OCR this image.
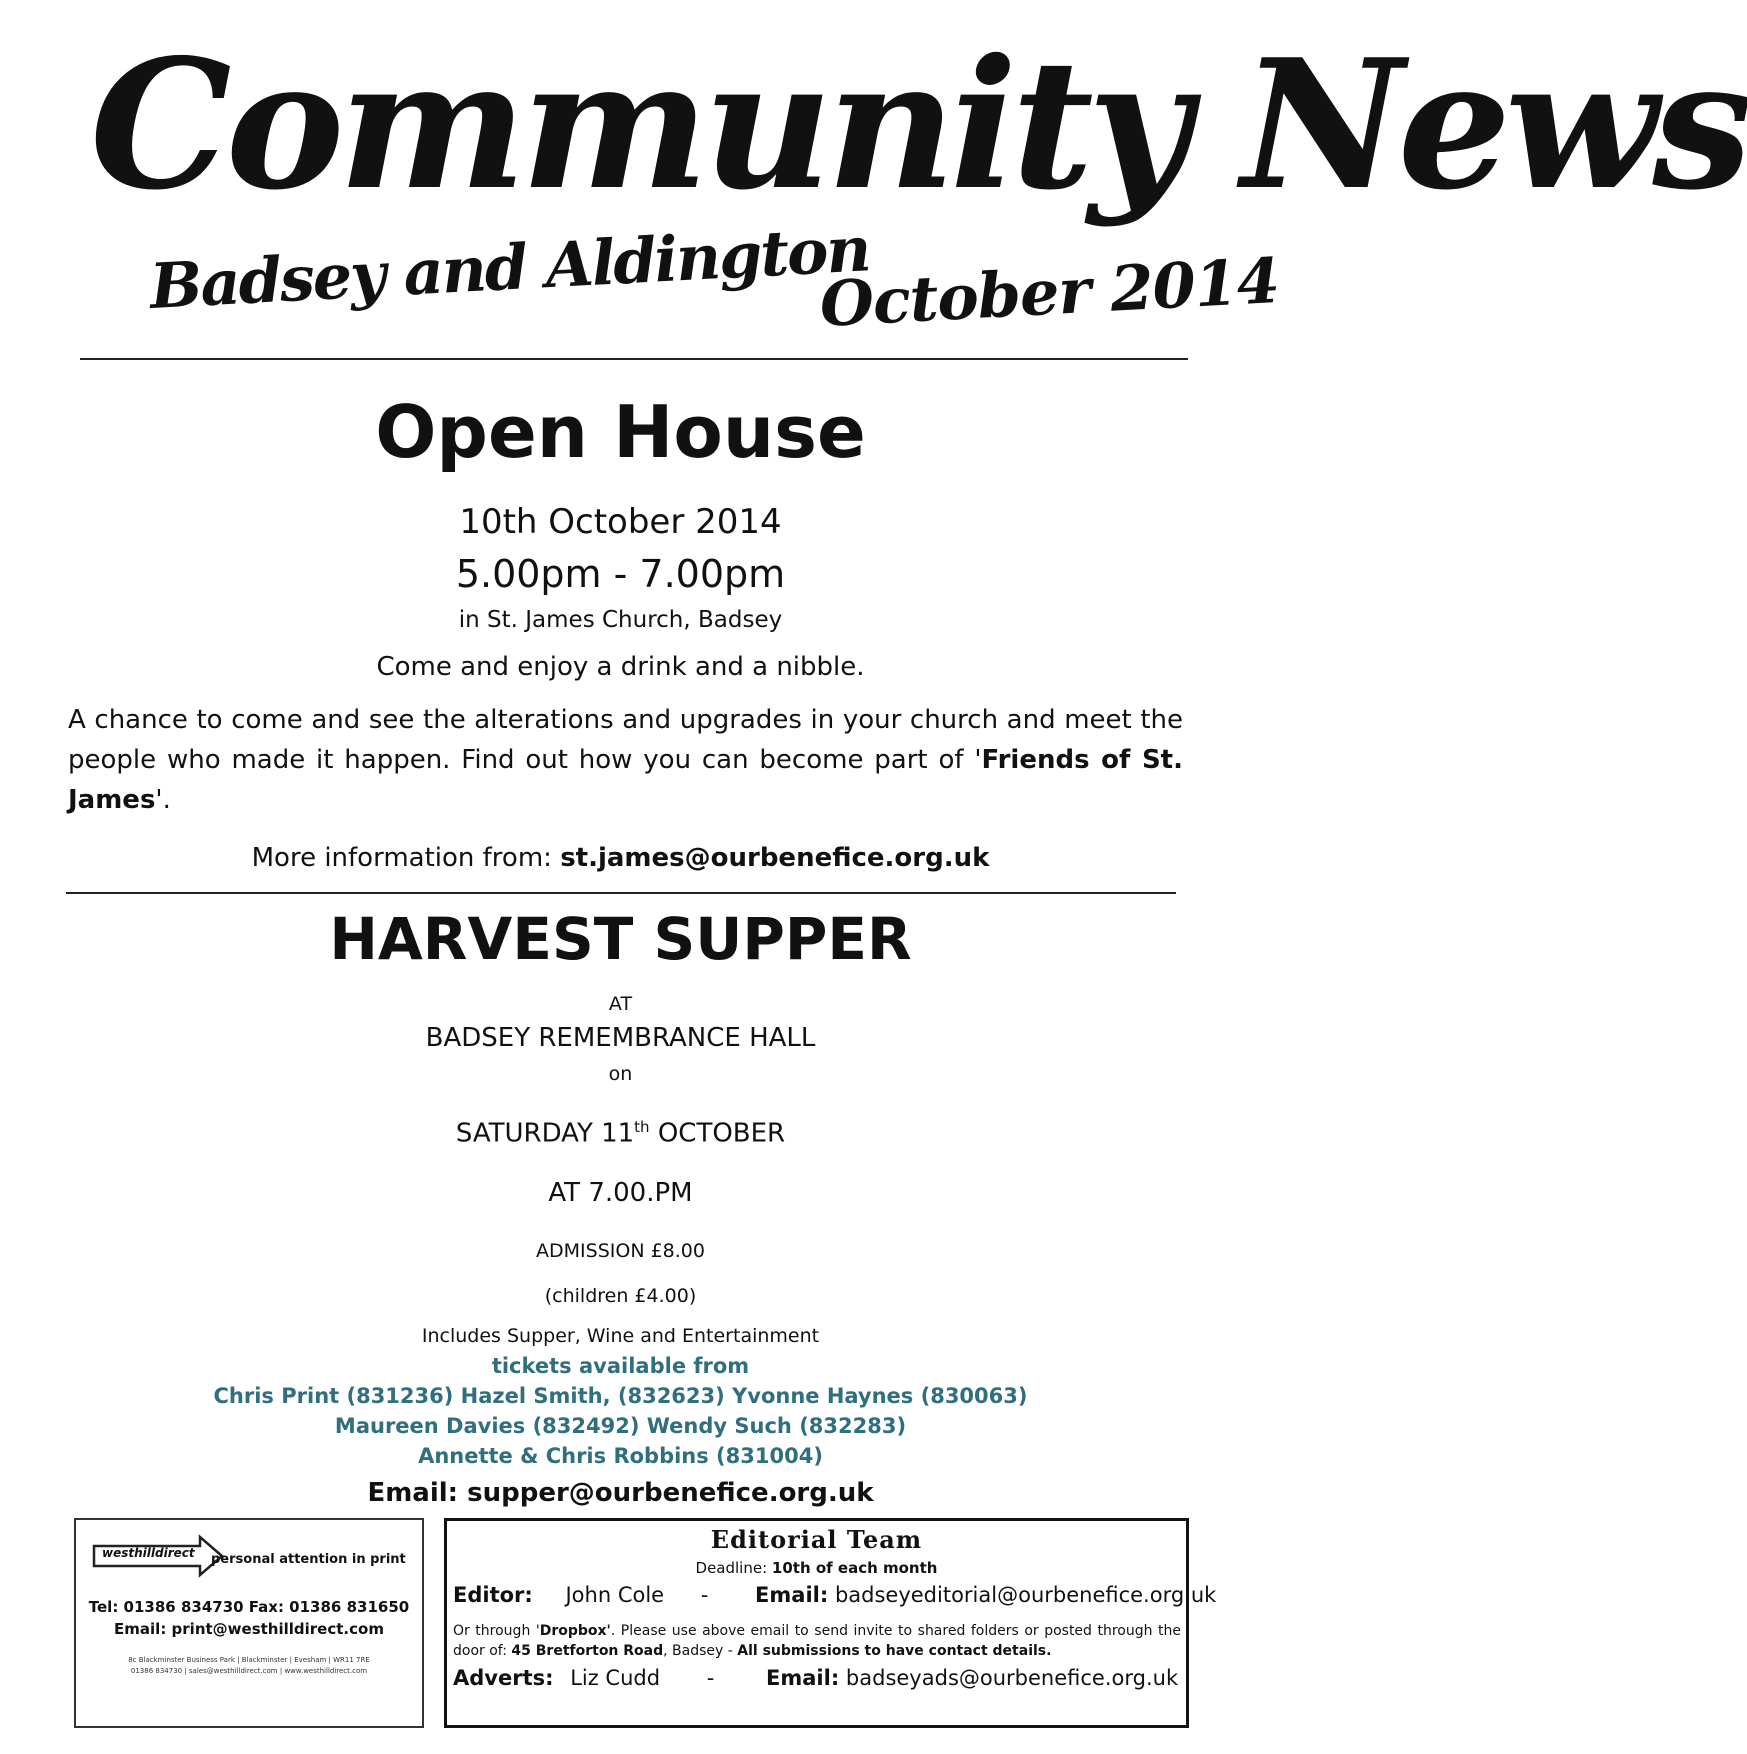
Community News
Badsey and Aldington
October 2014
Open House
10th October 2014
5.00pm - 7.00pm
in St. James Church, Badsey
Come and enjoy a drink and a nibble.
A chance to come and see the alterations and upgrades in your church and meet the people who made it happen. Find out how you can become part of 'Friends of St. James'.
More information from: st.james@ourbenefice.org.uk
HARVEST SUPPER
AT
BADSEY REMEMBRANCE HALL
on
SATURDAY 11th OCTOBER
AT 7.00.PM
ADMISSION £8.00
(children £4.00)
Includes Supper, Wine and Entertainment
tickets available from
Chris Print (831236) Hazel Smith, (832623) Yvonne Haynes (830063)
Maureen Davies (832492) Wendy Such (832283)
Annette & Chris Robbins (831004)
Email: supper@ourbenefice.org.uk
westhilldirect personal attention in print
Tel: 01386 834730 Fax: 01386 831650
Email: print@westhilldirect.com
8c Blackminster Business Park | Blackminster | Evesham | WR11 7RE
01386 834730 | sales@westhilldirect.com | www.westhilldirect.com
Editorial Team
Deadline: 10th of each month
Editor: John Cole - Email: badseyeditorial@ourbenefice.org.uk
Or through 'Dropbox'. Please use above email to send invite to shared folders or posted through the door of: 45 Bretforton Road, Badsey - All submissions to have contact details.
Adverts: Liz Cudd - Email: badseyads@ourbenefice.org.uk
